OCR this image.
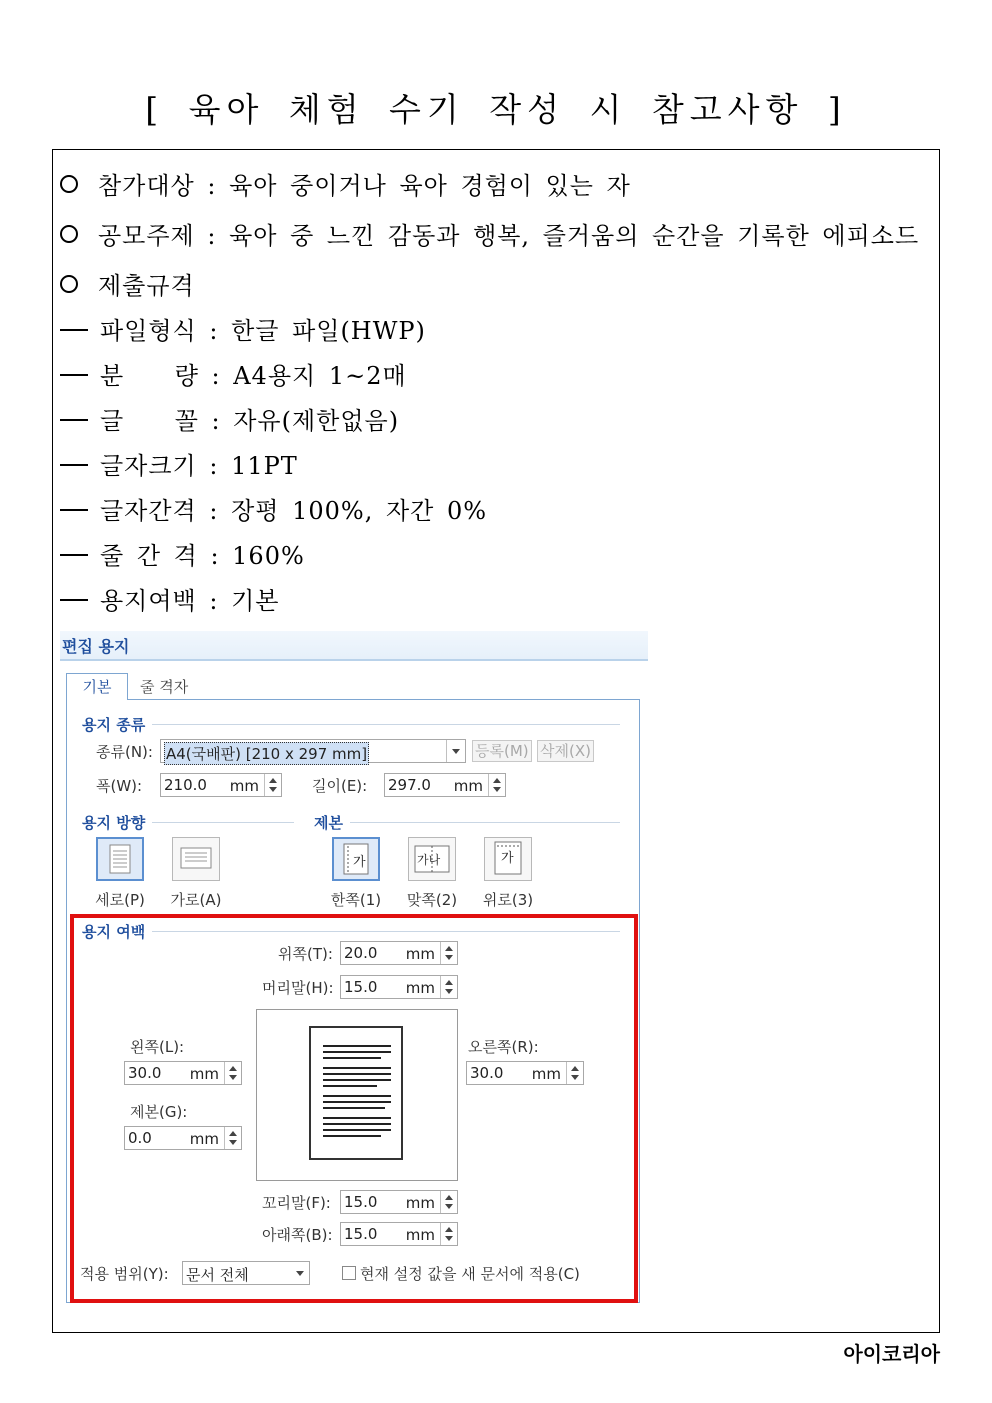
[ 육아 체험 수기 작성 시 참고사항 ]
참가대상 : 육아 중이거나 육아 경험이 있는 자
공모주제 : 육아 중 느낀 감동과 행복, 즐거움의 순간을 기록한 에피소드
제출규격
파일형식 : 한글 파일(HWP)
분    량 : A4용지 1~2매
글    꼴 : 자유(제한없음)
글자크기 : 11PT
글자간격 : 장평 100%, 자간 0%
줄 간 격 : 160%
용지여백 : 기본
편집 용지
기본	줄 격자
용지 종류
종류(N): A4(국배판) [210 x 297 mm]	등록(M) 삭제(X)
폭(W): 210.0 mm	길이(E): 297.0 mm
용지 방향
세로(P)	가로(A)
제본
가
한쪽(1)
가나
맞쪽(2)
가
위로(3)
용지 여백
위쪽(T): 20.0 mm
머리말(H): 15.0 mm
왼쪽(L):
30.0 mm
제본(G):
0.0	mm
오른쪽(R):
30.0 mm
꼬리말(F): 15.0 mm
아래쪽(B): 15.0 mm
적용 범위(Y): 문서 전체	현재 설정 값을 새 문서에 적용(C)
아이코리아
